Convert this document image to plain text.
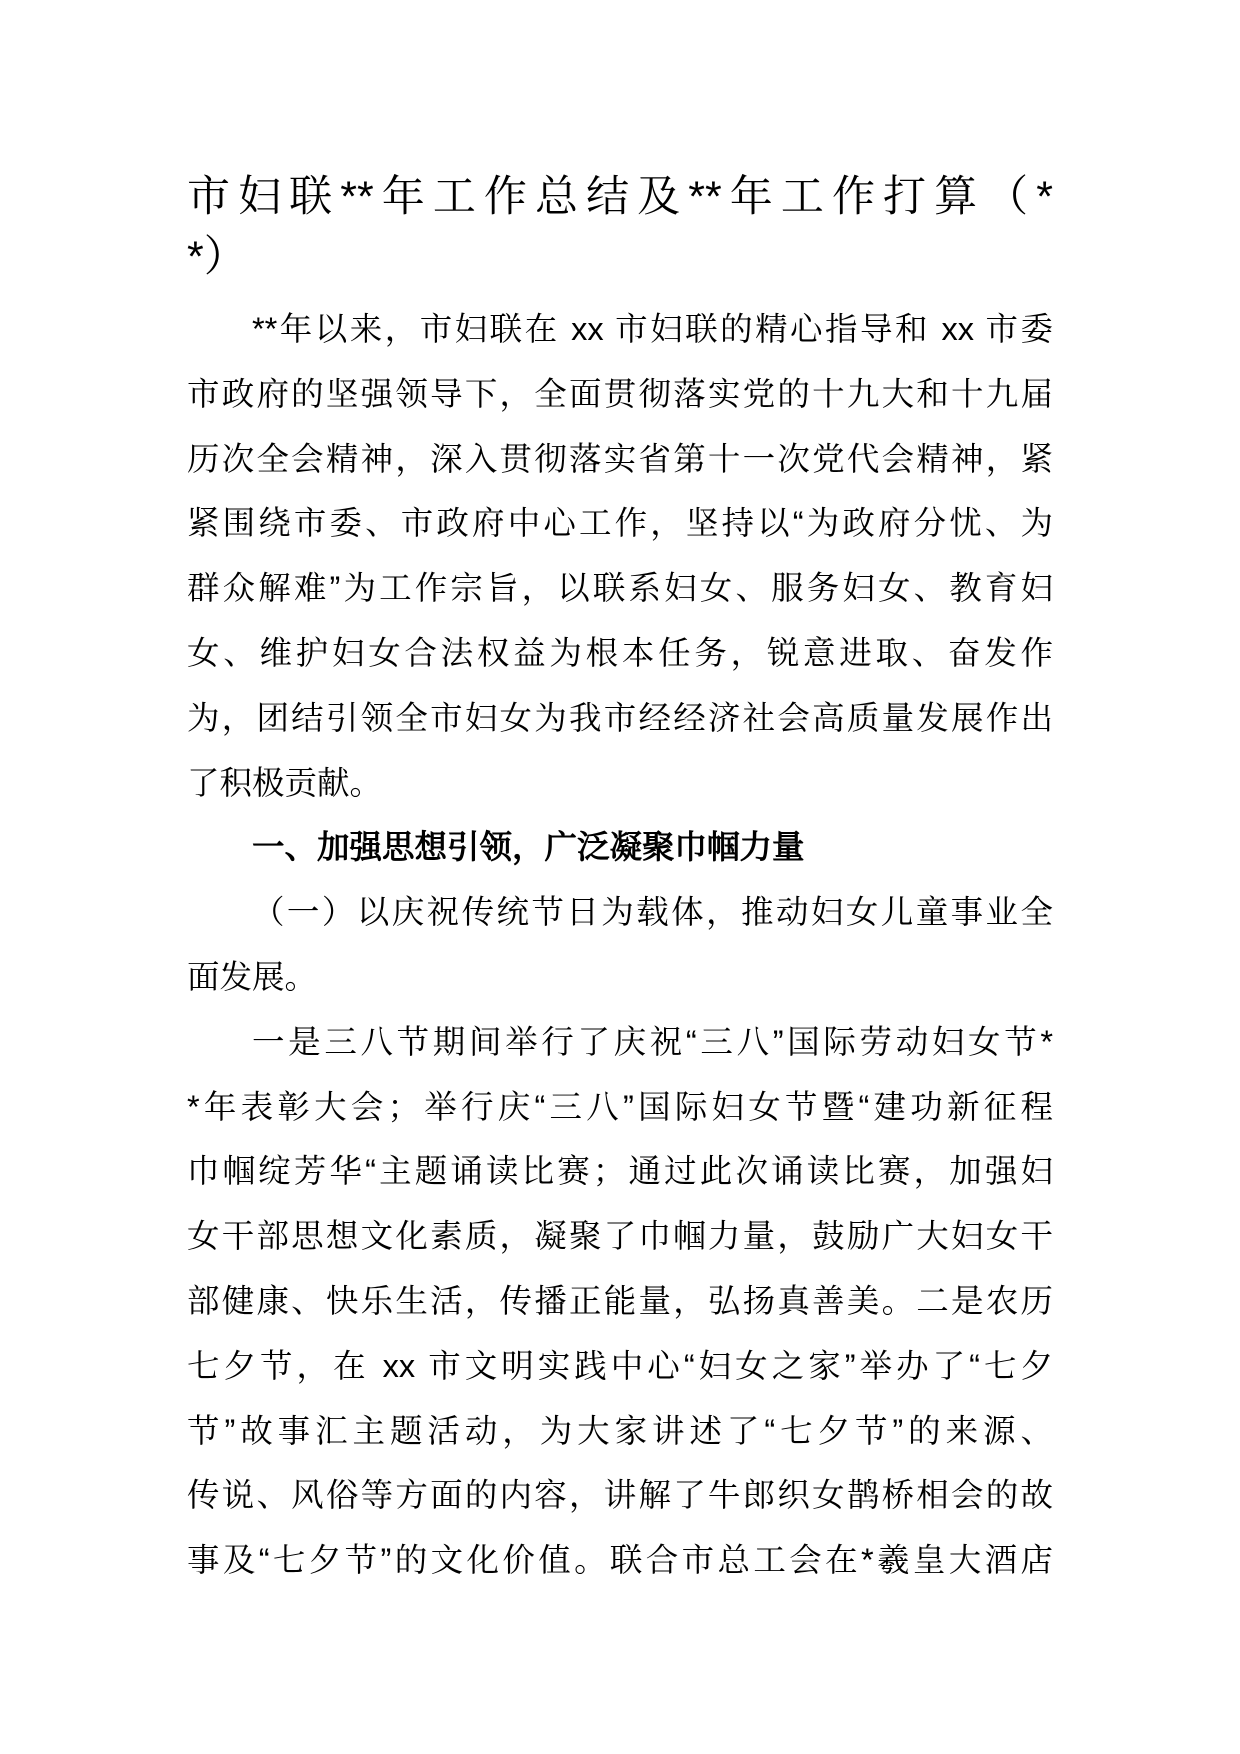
市妇联**年工作总结及**年工作打算（*
*）
**年以来，市妇联在 xx 市妇联的精心指导和 xx 市委
市政府的坚强领导下，全面贯彻落实党的十九大和十九届
历次全会精神，深入贯彻落实省第十一次党代会精神，紧
紧围绕市委、市政府中心工作，坚持以“为政府分忧、为
群众解难”为工作宗旨，以联系妇女、服务妇女、教育妇
女、维护妇女合法权益为根本任务，锐意进取、奋发作
为，团结引领全市妇女为我市经经济社会高质量发展作出
了积极贡献。
一、加强思想引领，广泛凝聚巾帼力量
（一）以庆祝传统节日为载体，推动妇女儿童事业全
面发展。
一是三八节期间举行了庆祝“三八”国际劳动妇女节*
*年表彰大会；举行庆“三八”国际妇女节暨“建功新征程
巾帼绽芳华“主题诵读比赛；通过此次诵读比赛，加强妇
女干部思想文化素质，凝聚了巾帼力量，鼓励广大妇女干
部健康、快乐生活，传播正能量，弘扬真善美。二是农历
七夕节，在 xx 市文明实践中心“妇女之家”举办了“七夕
节”故事汇主题活动，为大家讲述了“七夕节”的来源、
传说、风俗等方面的内容，讲解了牛郎织女鹊桥相会的故
事及“七夕节”的文化价值。联合市总工会在*羲皇大酒店
